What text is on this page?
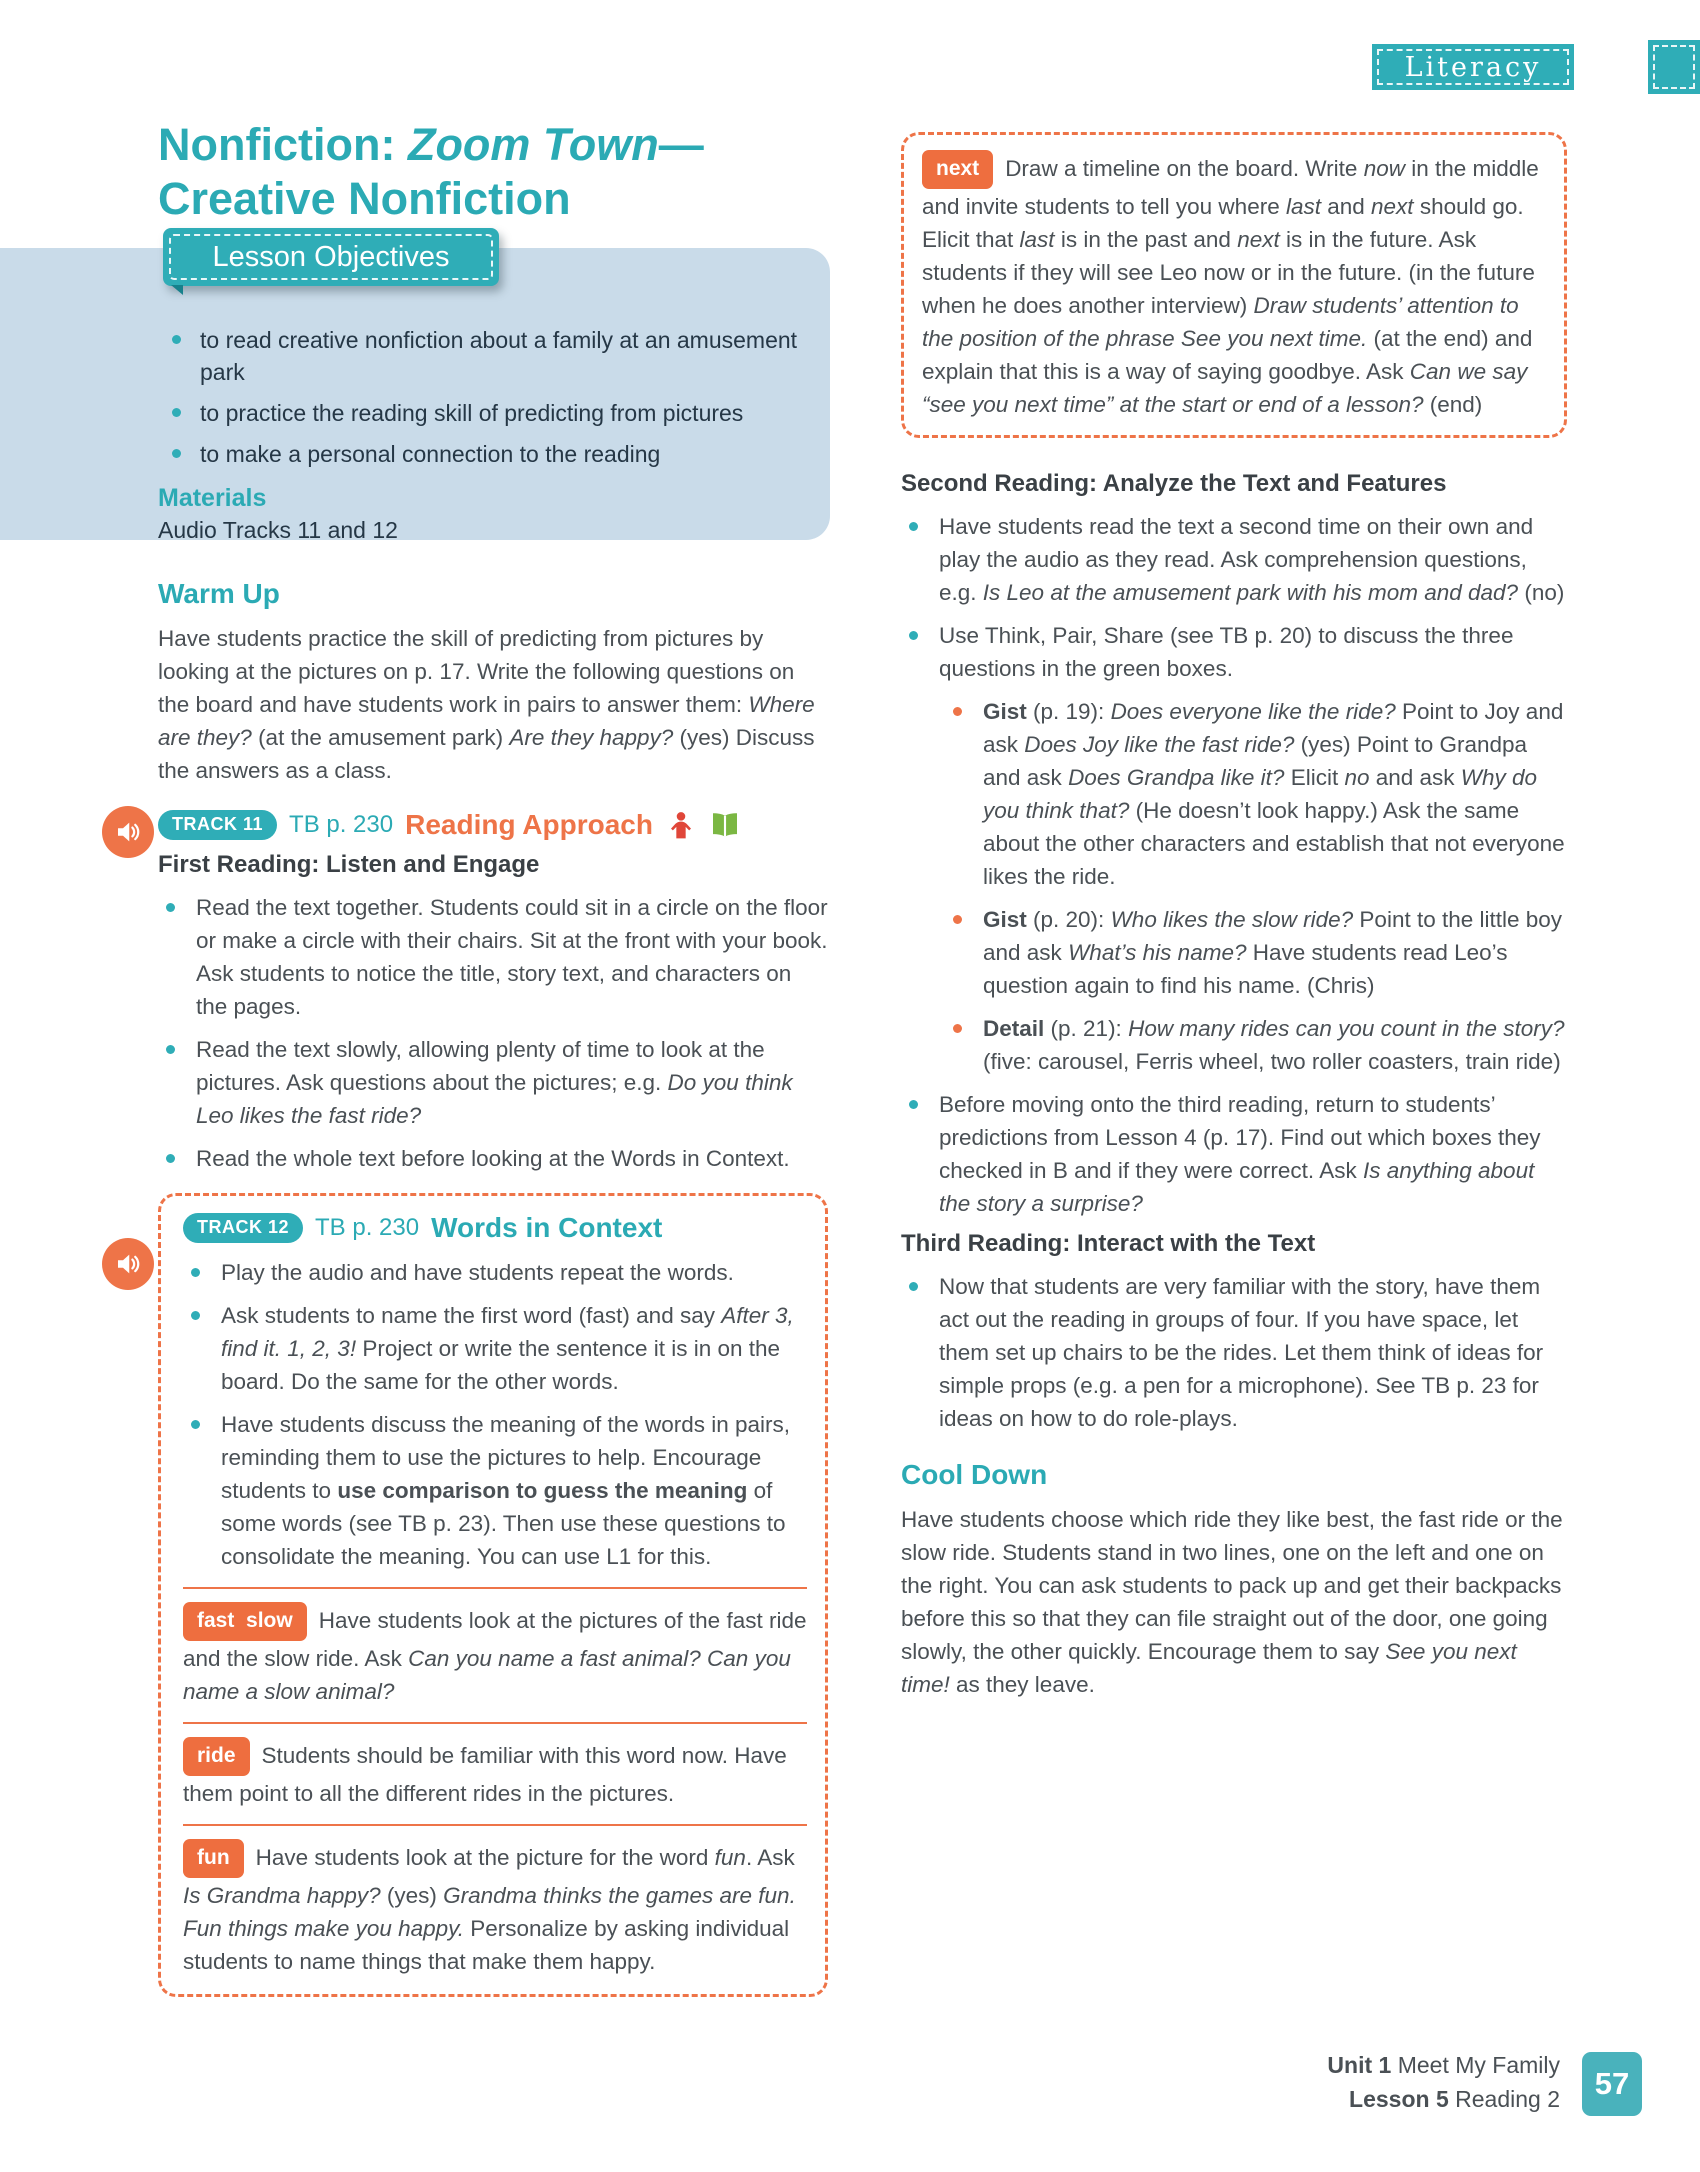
Literacy
Nonfiction: Zoom Town—Creative Nonfiction
to read creative nonfiction about a family at an amusement park
to practice the reading skill of predicting from pictures
to make a personal connection to the reading
Materials
Audio Tracks 11 and 12
Lesson Objectives
Warm Up

Have students practice the skill of predicting from pictures by looking at the pictures on p. 17. Write the following questions on the board and have students work in pairs to answer them: Where are they? (at the amusement park) Are they happy? (yes) Discuss the answers as a class.

TRACK 11	TB p. 230 Reading Approach
First Reading: Listen and Engage
Read the text together. Students could sit in a circle on the floor or make a circle with their chairs. Sit at the front with your book. Ask students to notice the title, story text, and characters on the pages.
Read the text slowly, allowing plenty of time to look at the pictures. Ask questions about the pictures; e.g. Do you think Leo likes the fast ride?
Read the whole text before looking at the Words in Context.
TRACK 12	TB p. 230 Words in Context
Play the audio and have students repeat the words.
Ask students to name the first word (fast) and say After 3, find it. 1, 2, 3! Project or write the sentence it is in on the board. Do the same for the other words.
Have students discuss the meaning of the words in pairs, reminding them to use the pictures to help. Encourage students to use comparison to guess the meaning of some words (see TB p. 23). Then use these questions to consolidate the meaning. You can use L1 for this.

fast  slow Have students look at the pictures of the fast ride and the slow ride. Ask Can you name a fast animal? Can you name a slow animal?

ride Students should be familiar with this word now. Have them point to all the different rides in the pictures.

fun Have students look at the picture for the word fun. Ask Is Grandma happy? (yes) Grandma thinks the games are fun. Fun things make you happy. Personalize by asking individual students to name things that make them happy.

next Draw a timeline on the board. Write now in the middle and invite students to tell you where last and next should go. Elicit that last is in the past and next is in the future. Ask students if they will see Leo now or in the future. (in the future when he does another interview) Draw students’ attention to the position of the phrase See you next time. (at the end) and explain that this is a way of saying goodbye. Ask Can we say “see you next time” at the start or end of a lesson? (end)

Second Reading: Analyze the Text and Features
Have students read the text a second time on their own and play the audio as they read. Ask comprehension questions, e.g. Is Leo at the amusement park with his mom and dad? (no)
Use Think, Pair, Share (see TB p. 20) to discuss the three questions in the green boxes.
Gist (p. 19): Does everyone like the ride? Point to Joy and ask Does Joy like the fast ride? (yes) Point to Grandpa and ask Does Grandpa like it? Elicit no and ask Why do you think that? (He doesn’t look happy.) Ask the same about the other characters and establish that not everyone likes the ride.
Gist (p. 20): Who likes the slow ride? Point to the little boy and ask What’s his name? Have students read Leo’s question again to find his name. (Chris)
Detail (p. 21): How many rides can you count in the story? (five: carousel, Ferris wheel, two roller coasters, train ride)
Before moving onto the third reading, return to students’ predictions from Lesson 4 (p. 17). Find out which boxes they checked in B and if they were correct. Ask Is anything about the story a surprise?
Third Reading: Interact with the Text
Now that students are very familiar with the story, have them act out the reading in groups of four. If you have space, let them set up chairs to be the rides. Let them think of ideas for simple props (e.g. a pen for a microphone). See TB p. 23 for ideas on how to do role-plays.
Cool Down

Have students choose which ride they like best, the fast ride or the slow ride. Students stand in two lines, one on the left and one on the right. You can ask students to pack up and get their backpacks before this so that they can file straight out of the door, one going slowly, the other quickly. Encourage them to say See you next time! as they leave.

Unit 1 Meet My Family
Lesson 5 Reading 2	57
